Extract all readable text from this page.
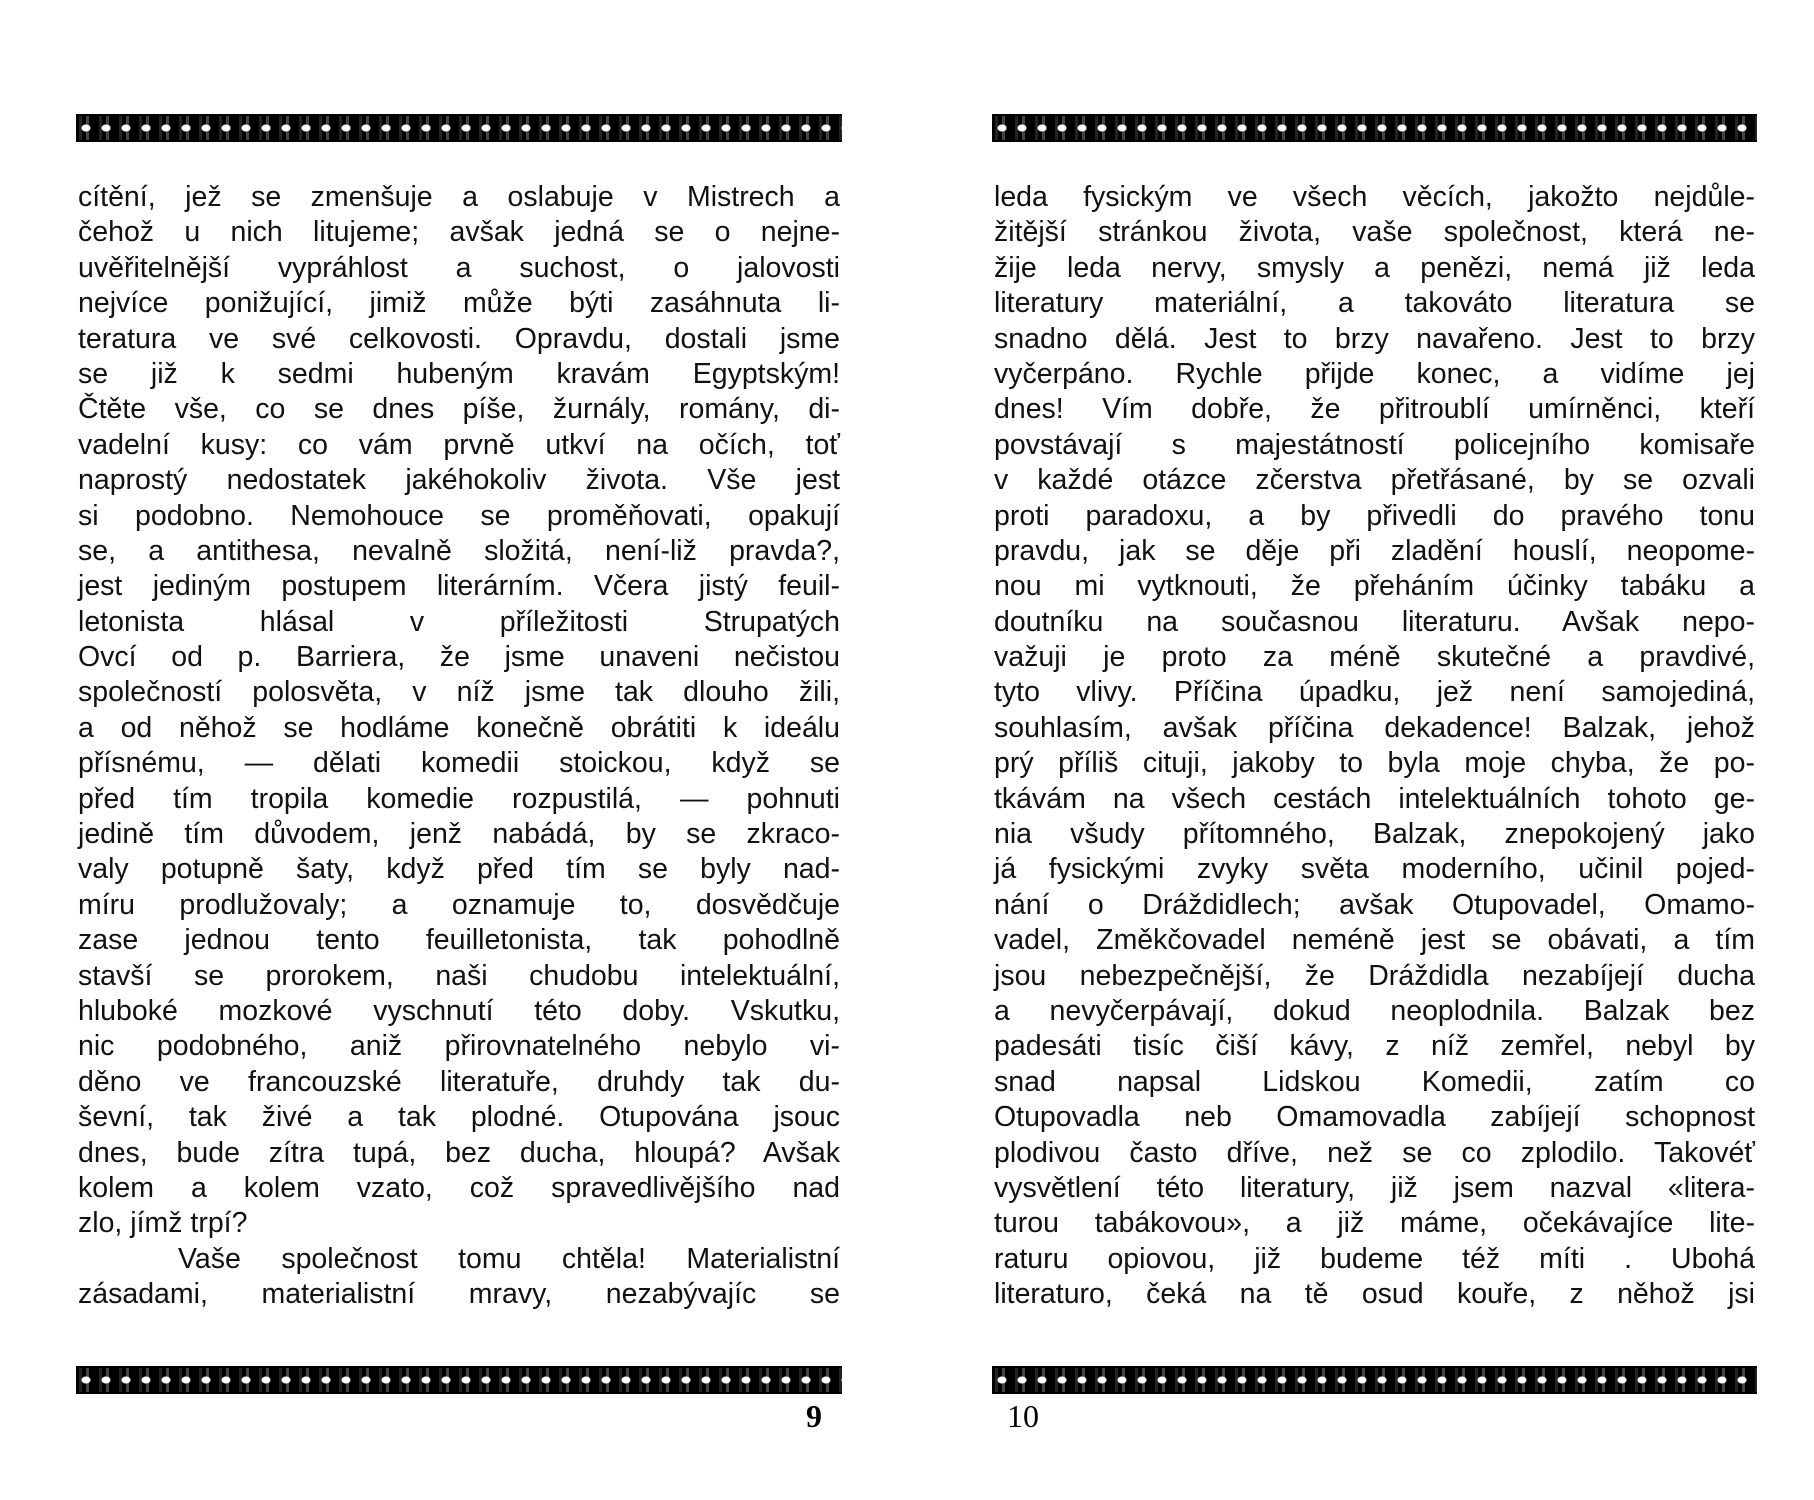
cítění, jež se zmenšuje a oslabuje v Mistrech a
čehož u nich litujeme; avšak jedná se o nejne-
uvěřitelnější vypráhlost a suchost, o jalovosti
nejvíce ponižující, jimiž může býti zasáhnuta li-
teratura ve své celkovosti. Opravdu, dostali jsme
se již k sedmi hubeným kravám Egyptským!
Čtěte vše, co se dnes píše, žurnály, romány, di-
vadelní kusy: co vám prvně utkví na očích, toť
naprostý nedostatek jakéhokoliv života. Vše jest
si podobno. Nemohouce se proměňovati, opakují
se, a antithesa, nevalně složitá, není-liž pravda?,
jest jediným postupem literárním. Včera jistý feuil-
letonista hlásal v příležitosti Strupatých
Ovcí od p. Barriera, že jsme unaveni nečistou
společností polosvěta, v níž jsme tak dlouho žili,
a od něhož se hodláme konečně obrátiti k ideálu
přísnému, — dělati komedii stoickou, když se
před tím tropila komedie rozpustilá, — pohnuti
jedině tím důvodem, jenž nabádá, by se zkraco-
valy potupně šaty, když před tím se byly nad-
míru prodlužovaly; a oznamuje to, dosvědčuje
zase jednou tento feuilletonista, tak pohodlně
stavší se prorokem, naši chudobu intelektuální,
hluboké mozkové vyschnutí této doby. Vskutku,
nic podobného, aniž přirovnatelného nebylo vi-
děno ve francouzské literatuře, druhdy tak du-
ševní, tak živé a tak plodné. Otupována jsouc
dnes, bude zítra tupá, bez ducha, hloupá? Avšak
kolem a kolem vzato, což spravedlivějšího nad
zlo, jímž trpí?
Vaše společnost tomu chtěla! Materialistní
zásadami, materialistní mravy, nezabývajíc se
9
leda fysickým ve všech věcích, jakožto nejdůle-
žitější stránkou života, vaše společnost, která ne-
žije leda nervy, smysly a penězi, nemá již leda
literatury materiální, a takováto literatura se
snadno dělá. Jest to brzy navařeno. Jest to brzy
vyčerpáno. Rychle přijde konec, a vidíme jej
dnes! Vím dobře, že přitroublí umírněnci, kteří
povstávají s majestátností policejního komisaře
v každé otázce zčerstva přetřásané, by se ozvali
proti paradoxu, a by přivedli do pravého tonu
pravdu, jak se děje při zladění houslí, neopome-
nou mi vytknouti, že přeháním účinky tabáku a
doutníku na současnou literaturu. Avšak nepo-
važuji je proto za méně skutečné a pravdivé,
tyto vlivy. Příčina úpadku, jež není samojediná,
souhlasím, avšak příčina dekadence! Balzak, jehož
prý příliš cituji, jakoby to byla moje chyba, že po-
tkávám na všech cestách intelektuálních tohoto ge-
nia všudy přítomného, Balzak, znepokojený jako
já fysickými zvyky světa moderního, učinil pojed-
nání o Dráždidlech; avšak Otupovadel, Omamo-
vadel, Změkčovadel neméně jest se obávati, a tím
jsou nebezpečnější, že Dráždidla nezabíjejí ducha
a nevyčerpávají, dokud neoplodnila. Balzak bez
padesáti tisíc čiší kávy, z níž zemřel, nebyl by
snad napsal Lidskou Komedii, zatím co
Otupovadla neb Omamovadla zabíjejí schopnost
plodivou často dříve, než se co zplodilo. Takovéť
vysvětlení této literatury, již jsem nazval «litera-
turou tabákovou», a již máme, očekávajíce lite-
raturu opiovou, již budeme též míti . Ubohá
literaturo, čeká na tě osud kouře, z něhož jsi
10
